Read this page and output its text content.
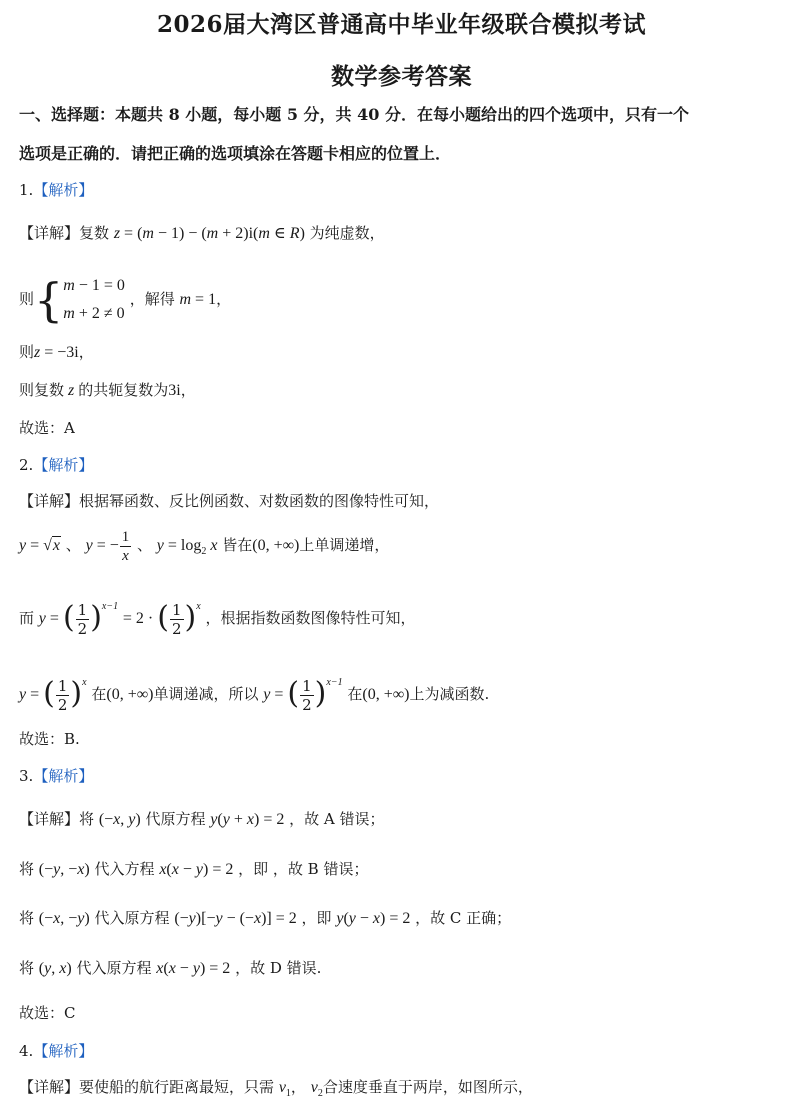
2026届大湾区普通高中毕业年级联合模拟考试
数学参考答案
一、选择题：本题共 8 小题，每小题 5 分，共 40 分．在每小题给出的四个选项中，只有一个
选项是正确的．请把正确的选项填涂在答题卡相应的位置上．
1.【解析】
【详解】复数 z = (m − 1) − (m + 2)i(m ∈ R) 为纯虚数，
则{ m − 1 = 0
m + 2 ≠ 0
，解得 m = 1，
则z = −3i，
则复数 z 的共轭复数为3i，
故选：A
2.【解析】
【详解】根据幂函数、反比例函数、对数函数的图像特性可知，
y = √x 、 y = − $\frac{1}{x}$ 、 $y = \log_2 x$ 皆在(0, +∞)上单调递增，
而 y = ( $\frac{1}{2} )^{x-1} = 2$ · ( $\frac{1}{2} )^x$ ，根据指数函数图像特性可知，
y = ( $\frac{1}{2} )^x$ 在(0, +∞)单调递减，所以 y = ( $\frac{1}{2} )^{x-1}$ 在(0, +∞)上为减函数.
故选：B.
3.【解析】
【详解】将 (−x, y) 代原方程 y(y + x) = 2 ，故 A 错误；
将 (−y, −x) 代入方程 x(x − y) = 2 ，即 ，故 B 错误；
将 (−x, −y) 代入原方程 (−y)[−y − (−x)] = 2 ，即 y(y − x) = 2 ，故 C 正确；
将 (y, x) 代入原方程 x(x − y) = 2 ，故 D 错误.
故选：C
4.【解析】
【详解】要使船的航行距离最短，只需 $v_1$， $v_2$合速度垂直于两岸，如图所示，
